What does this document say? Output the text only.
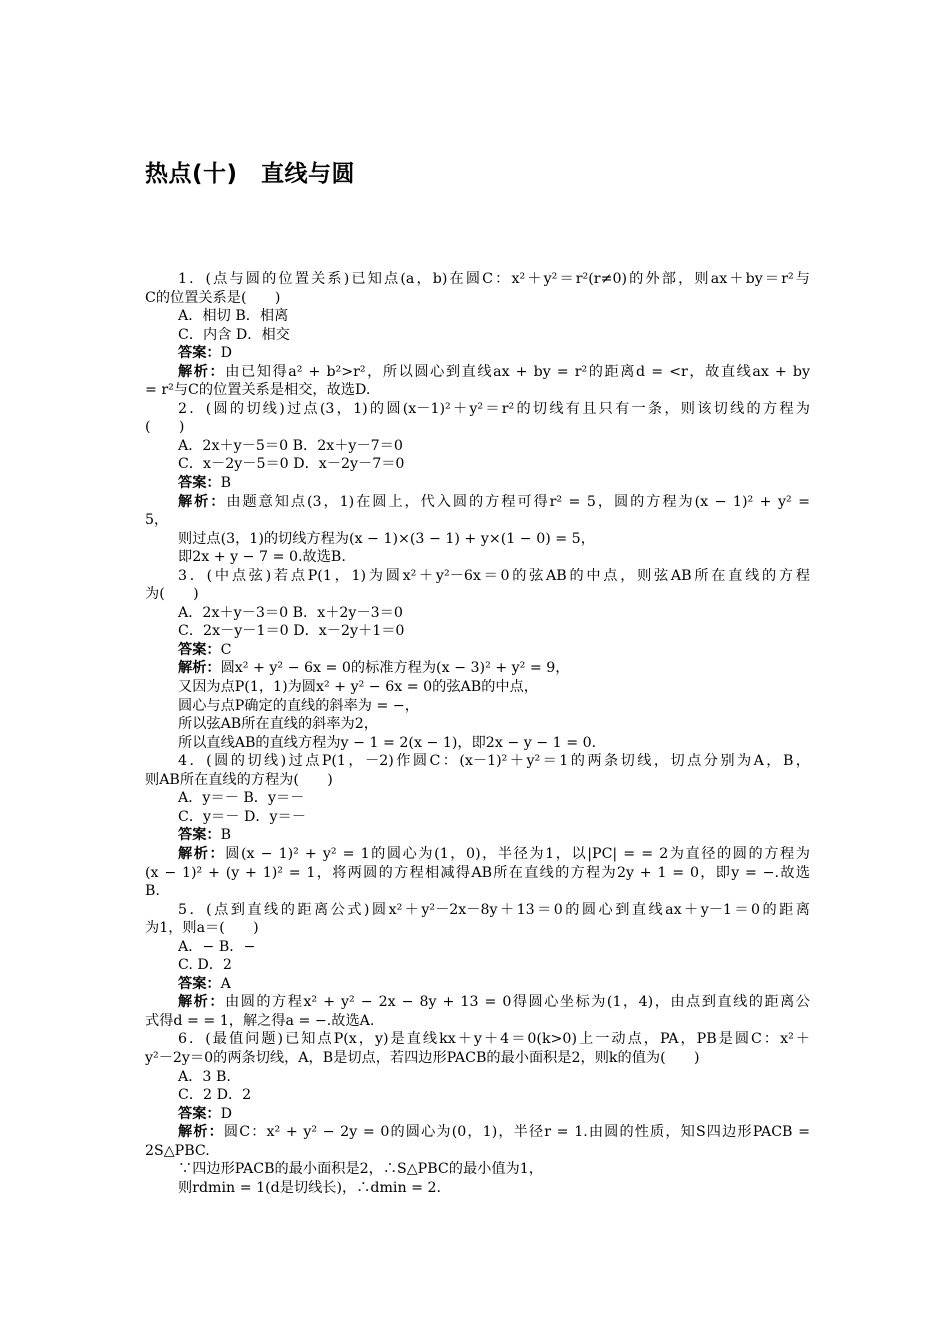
热点(十)　直线与圆
1．(点与圆的位置关系)已知点(a，b)在圆C：x²＋y²＝r²(r≠0)的外部，则ax＋by＝r²与
C的位置关系是(　　)
A．相切 B．相离
C．内含 D．相交
答案：D
解析：由已知得a² + b²>r²，所以圆心到直线ax + by = r²的距离d = <r，故直线ax + by
= r²与C的位置关系是相交，故选D.
2．(圆的切线)过点(3，1)的圆(x－1)²＋y²＝r²的切线有且只有一条，则该切线的方程为
(　　)
A．2x＋y－5＝0 B．2x＋y－7＝0
C．x－2y－5＝0 D．x－2y－7＝0
答案：B
解析：由题意知点(3，1)在圆上，代入圆的方程可得r² = 5，圆的方程为(x − 1)² + y² =
5，
则过点(3，1)的切线方程为(x − 1)×(3 − 1) + y×(1 − 0) = 5，
即2x + y − 7 = 0.故选B.
3．(中点弦)若点P(1，1)为圆x²＋y²－6x＝0的弦AB的中点，则弦AB所在直线的方程
为(　　)
A．2x＋y－3＝0 B．x＋2y－3＝0
C．2x－y－1＝0 D．x－2y＋1＝0
答案：C
解析：圆x² + y² − 6x = 0的标准方程为(x − 3)² + y² = 9，
又因为点P(1，1)为圆x² + y² − 6x = 0的弦AB的中点，
圆心与点P确定的直线的斜率为 = −，
所以弦AB所在直线的斜率为2，
所以直线AB的直线方程为y − 1 = 2(x − 1)，即2x − y − 1 = 0.
4．(圆的切线)过点P(1，－2)作圆C：(x－1)²＋y²＝1的两条切线，切点分别为A，B，
则AB所在直线的方程为(　　)
A．y＝－ B．y＝－
C．y＝－ D．y＝－
答案：B
解析：圆(x − 1)² + y² = 1的圆心为(1，0)，半径为1，以|PC| = = 2为直径的圆的方程为
(x − 1)² + (y + 1)² = 1，将两圆的方程相减得AB所在直线的方程为2y + 1 = 0，即y = −.故选
B.
5．(点到直线的距离公式)圆x²＋y²－2x－8y＋13＝0的圆心到直线ax＋y－1＝0的距离
为1，则a＝(　　)
A．− B．−
C. D．2
答案：A
解析：由圆的方程x² + y² − 2x − 8y + 13 = 0得圆心坐标为(1，4)，由点到直线的距离公
式得d = = 1，解之得a = −.故选A.
6．(最值问题)已知点P(x，y)是直线kx＋y＋4＝0(k>0)上一动点，PA，PB是圆C：x²＋
y²－2y＝0的两条切线，A，B是切点，若四边形PACB的最小面积是2，则k的值为(　　)
A．3 B.
C．2 D．2
答案：D
解析：圆C：x² + y² − 2y = 0的圆心为(0，1)，半径r = 1.由圆的性质，知S四边形PACB =
2S△PBC.
∵四边形PACB的最小面积是2，∴S△PBC的最小值为1，
则rdmin = 1(d是切线长)，∴dmin = 2.
